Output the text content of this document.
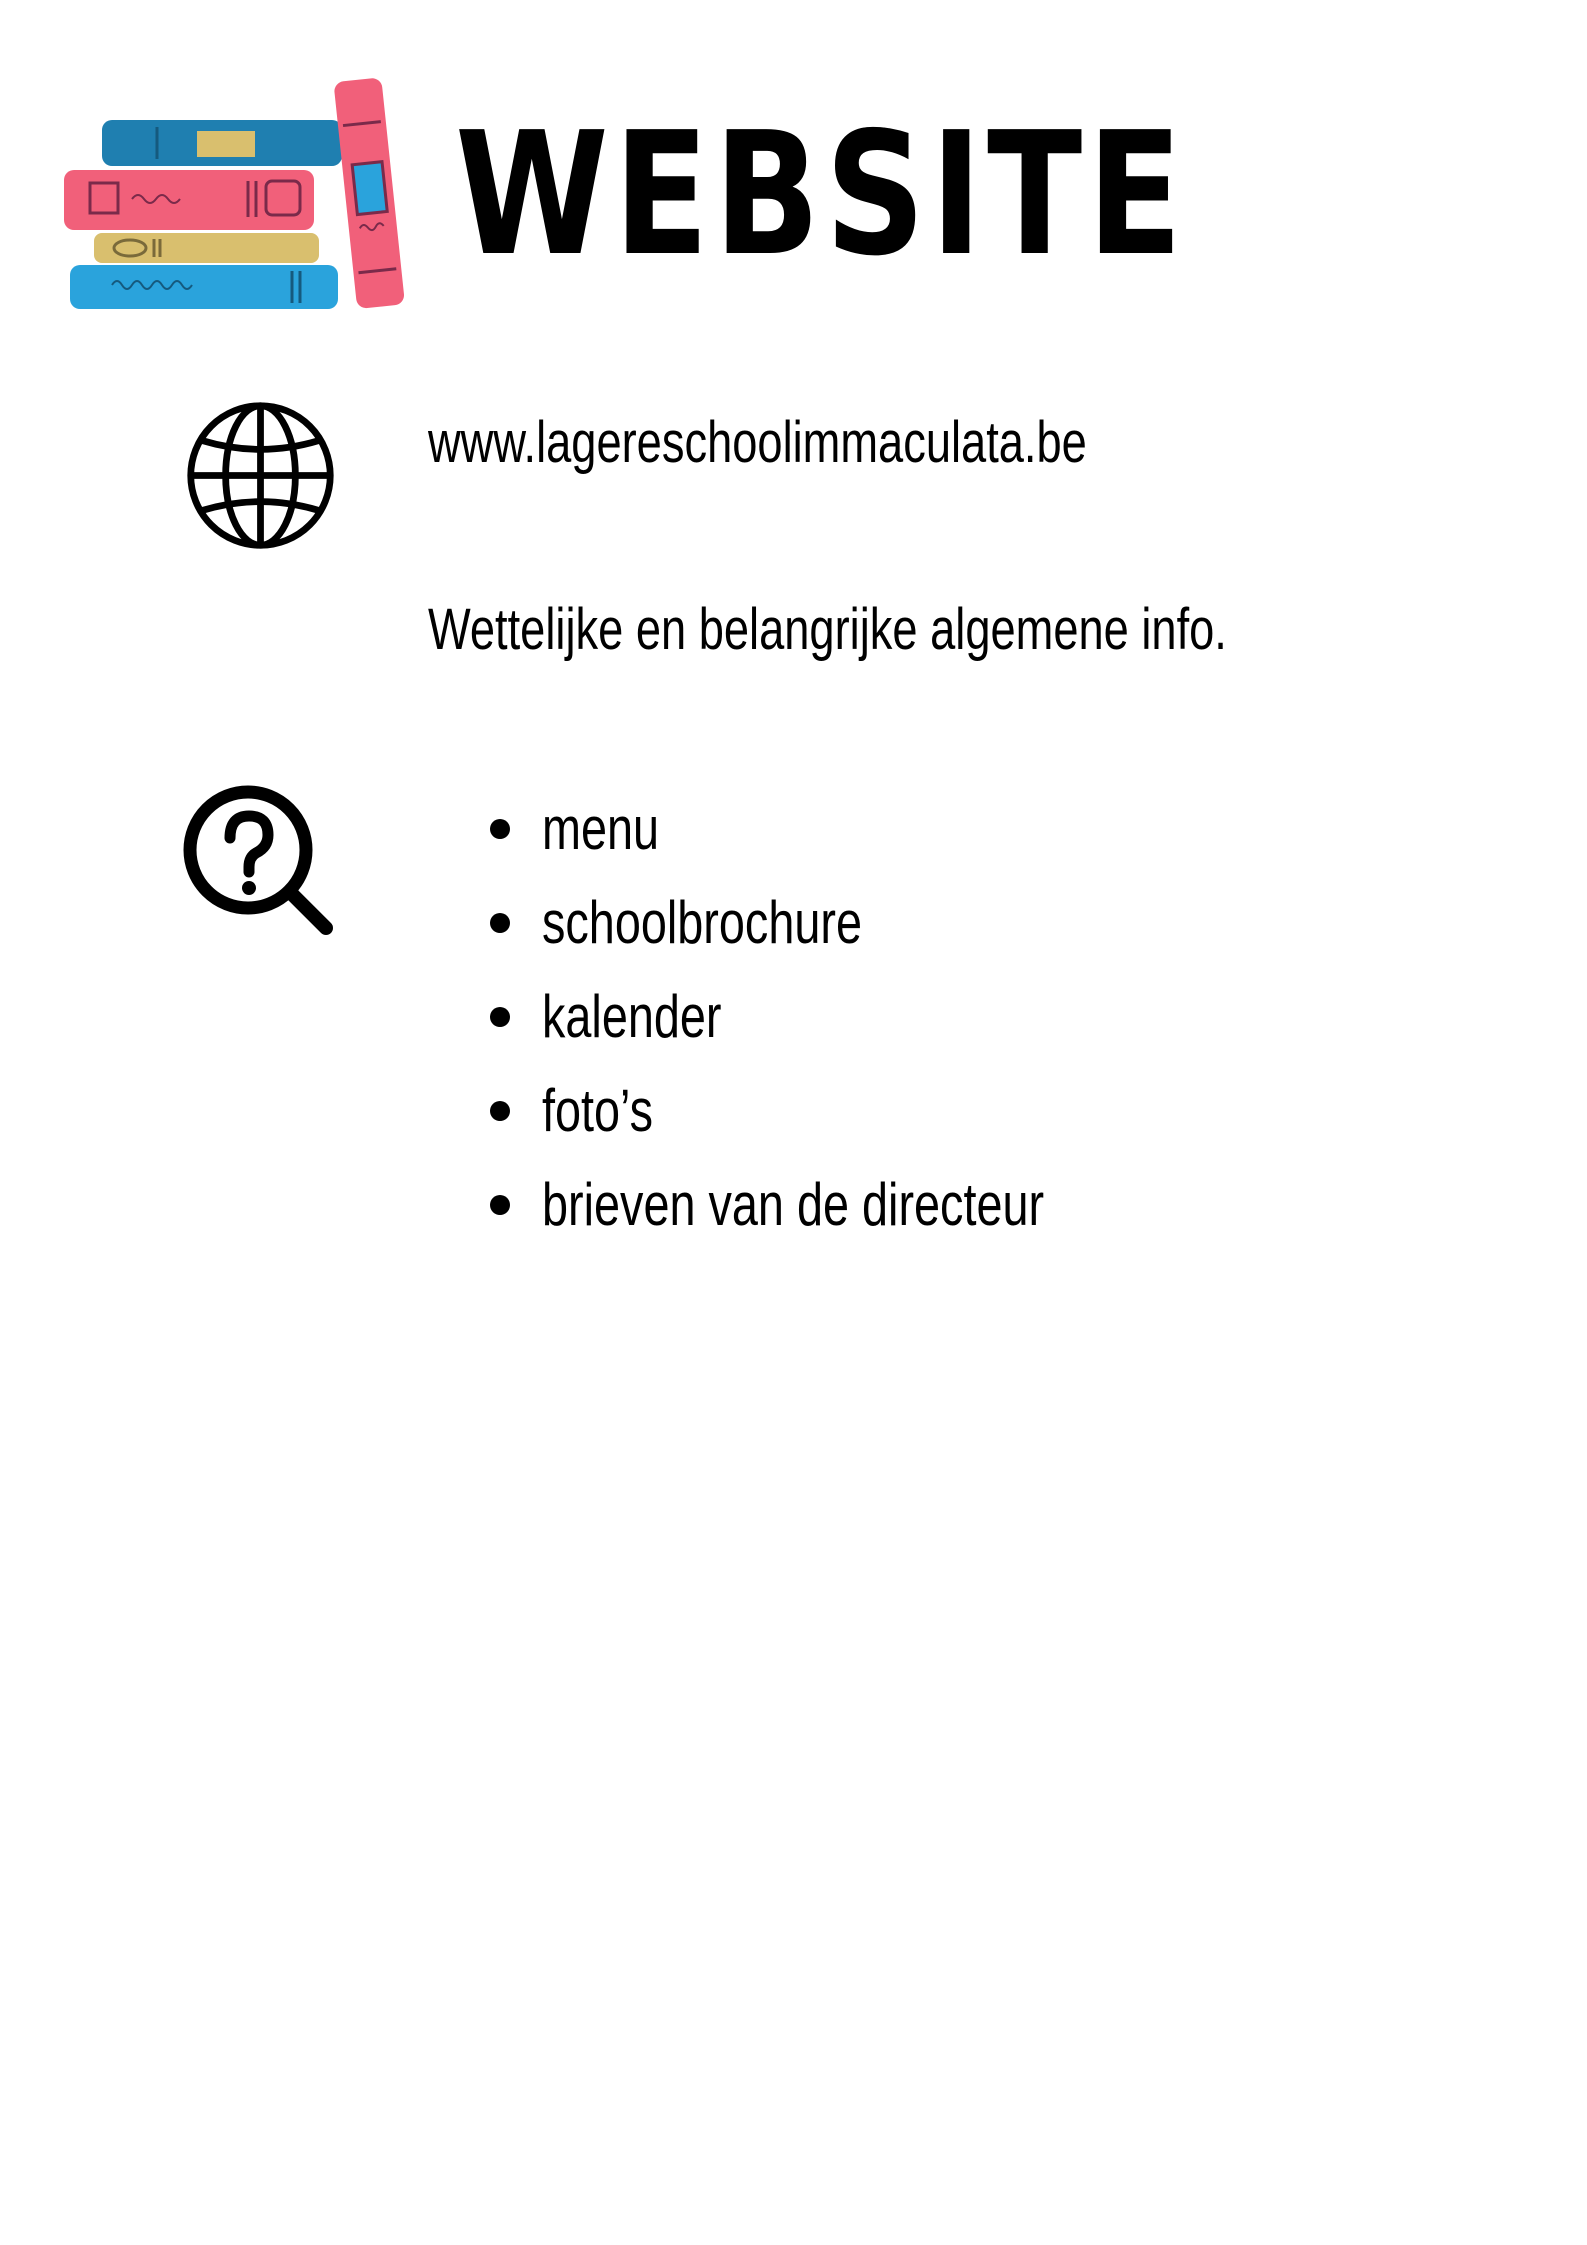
WEBSITE
www.lagereschoolimmaculata.be
Wettelijke en belangrijke algemene info.
menu
schoolbrochure
kalender
foto’s
brieven van de directeur
